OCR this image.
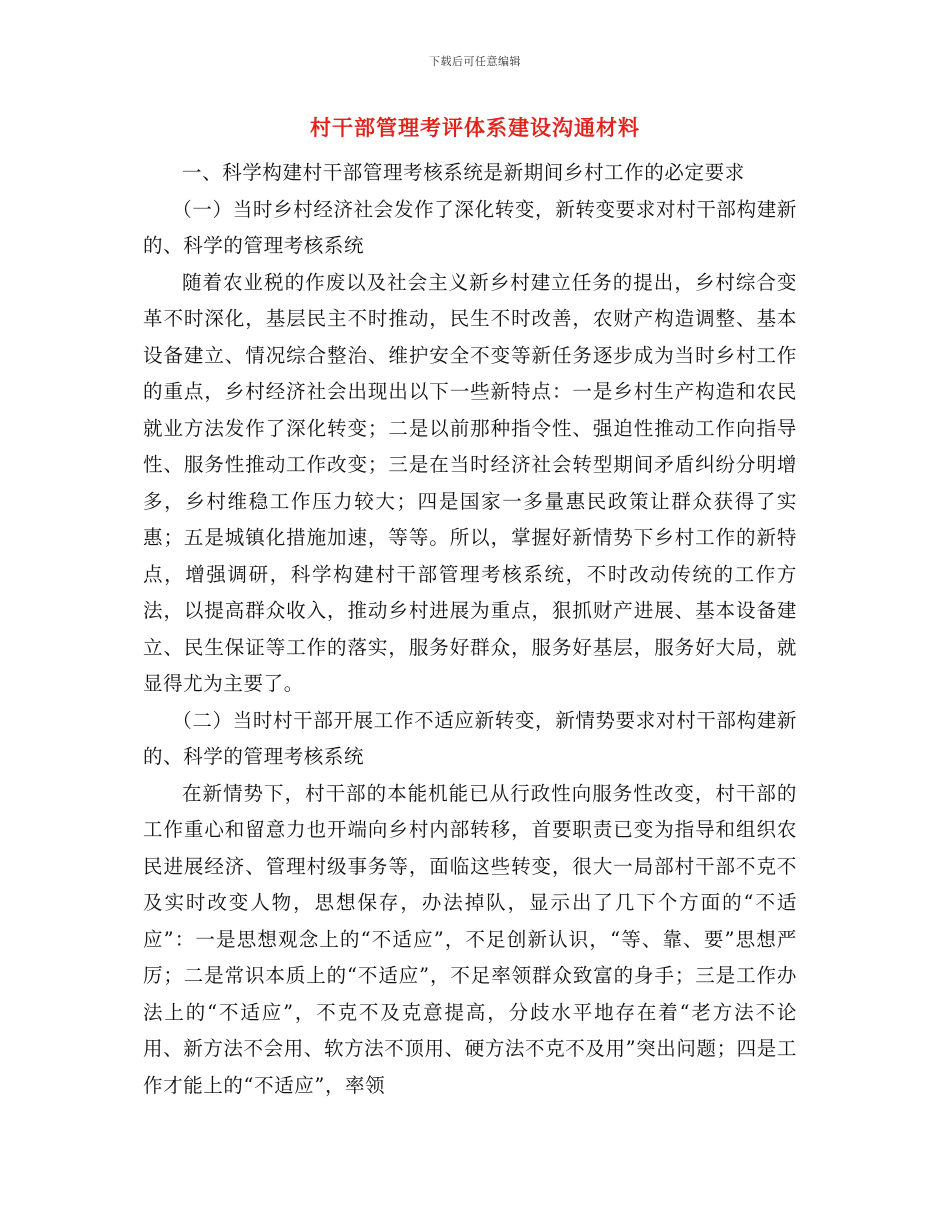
下载后可任意编辑
村干部管理考评体系建设沟通材料

一、科学构建村干部管理考核系统是新期间乡村工作的必定要求

（一）当时乡村经济社会发作了深化转变，新转变要求对村干部构建新的、科学的管理考核系统

随着农业税的作废以及社会主义新乡村建立任务的提出，乡村综合变革不时深化，基层民主不时推动，民生不时改善，农财产构造调整、基本设备建立、情况综合整治、维护安全不变等新任务逐步成为当时乡村工作的重点，乡村经济社会出现出以下一些新特点：一是乡村生产构造和农民就业方法发作了深化转变；二是以前那种指令性、强迫性推动工作向指导性、服务性推动工作改变；三是在当时经济社会转型期间矛盾纠纷分明增多，乡村维稳工作压力较大；四是国家一多量惠民政策让群众获得了实惠；五是城镇化措施加速，等等。所以，掌握好新情势下乡村工作的新特点，增强调研，科学构建村干部管理考核系统，不时改动传统的工作方法，以提高群众收入，推动乡村进展为重点，狠抓财产进展、基本设备建立、民生保证等工作的落实，服务好群众，服务好基层，服务好大局，就显得尤为主要了。

（二）当时村干部开展工作不适应新转变，新情势要求对村干部构建新的、科学的管理考核系统

在新情势下，村干部的本能机能已从行政性向服务性改变，村干部的工作重心和留意力也开端向乡村内部转移，首要职责已变为指导和组织农民进展经济、管理村级事务等，面临这些转变，很大一局部村干部不克不及实时改变人物，思想保存，办法掉队，显示出了几下个方面的“不适应”：一是思想观念上的“不适应”，不足创新认识，“等、靠、要”思想严厉；二是常识本质上的“不适应”，不足率领群众致富的身手；三是工作办法上的“不适应”，不克不及克意提高，分歧水平地存在着“老方法不论用、新方法不会用、软方法不顶用、硬方法不克不及用”突出问题；四是工作才能上的“不适应”，率领
